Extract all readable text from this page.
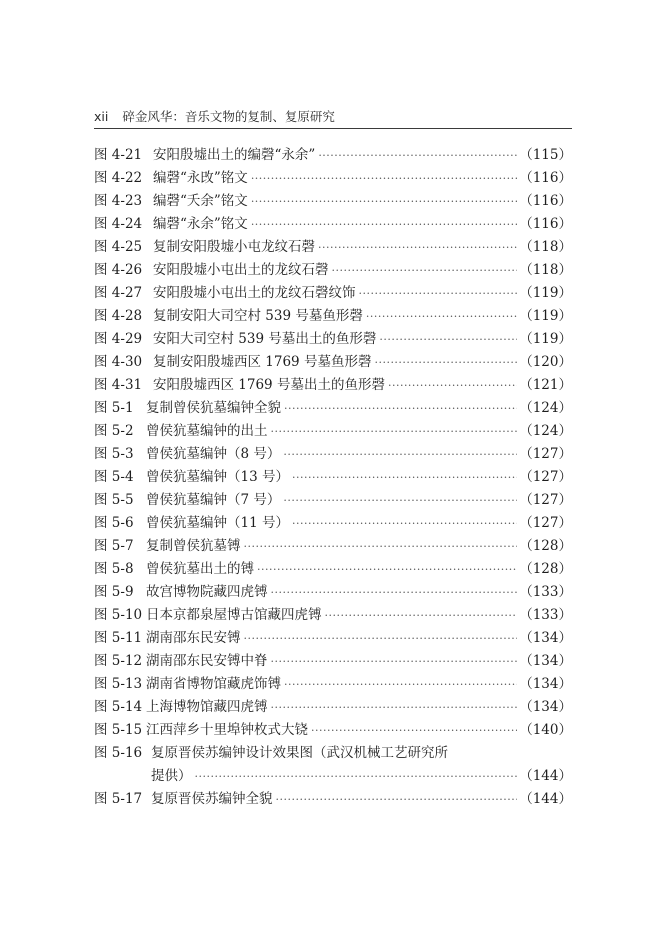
xii 碎金风华：音乐文物的复制、复原研究
图 4-21 安阳殷墟出土的编磬“永余” ·····	（115）
图 4-22 编磬“永攺”铭文 ·····	（116）
图 4-23 编磬“夭余”铭文 ·····	（116）
图 4-24 编磬“永余”铭文 ·····	（116）
图 4-25 复制安阳殷墟小屯龙纹石磬 ·····	（118）
图 4-26 安阳殷墟小屯出土的龙纹石磬 ·····	（118）
图 4-27 安阳殷墟小屯出土的龙纹石磬纹饰 ·····	（119）
图 4-28 复制安阳大司空村 539 号墓鱼形磬 ·····	（119）
图 4-29 安阳大司空村 539 号墓出土的鱼形磬 ·····	（119）
图 4-30 复制安阳殷墟西区 1769 号墓鱼形磬 ·····	（120）
图 4-31 安阳殷墟西区 1769 号墓出土的鱼形磬 ·····	（121）
图 5-1 复制曾侯犺墓编钟全貌 ·····	（124）
图 5-2 曾侯犺墓编钟的出土 ·····	（124）
图 5-3 曾侯犺墓编钟（8 号） ·····	（127）
图 5-4 曾侯犺墓编钟（13 号） ·····	（127）
图 5-5 曾侯犺墓编钟（7 号） ·····	（127）
图 5-6 曾侯犺墓编钟（11 号） ·····	（127）
图 5-7 复制曾侯犺墓镈 ·····	（128）
图 5-8 曾侯犺墓出土的镈 ·····	（128）
图 5-9 故宫博物院藏四虎镈 ·····	（133）
图 5-10 日本京都泉屋博古馆藏四虎镈 ·····	（133）
图 5-11 湖南邵东民安镈 ·····	（134）
图 5-12 湖南邵东民安镈中脊 ·····	（134）
图 5-13 湖南省博物馆藏虎饰镈 ·····	（134）
图 5-14 上海博物馆藏四虎镈 ·····	（134）
图 5-15 江西萍乡十里埠钟枚式大铙 ·····	（140）
图 5-16 复原晋侯苏编钟设计效果图（武汉机械工艺研究所
提供） ·····	（144）
图 5-17 复原晋侯苏编钟全貌 ·····	（144）
